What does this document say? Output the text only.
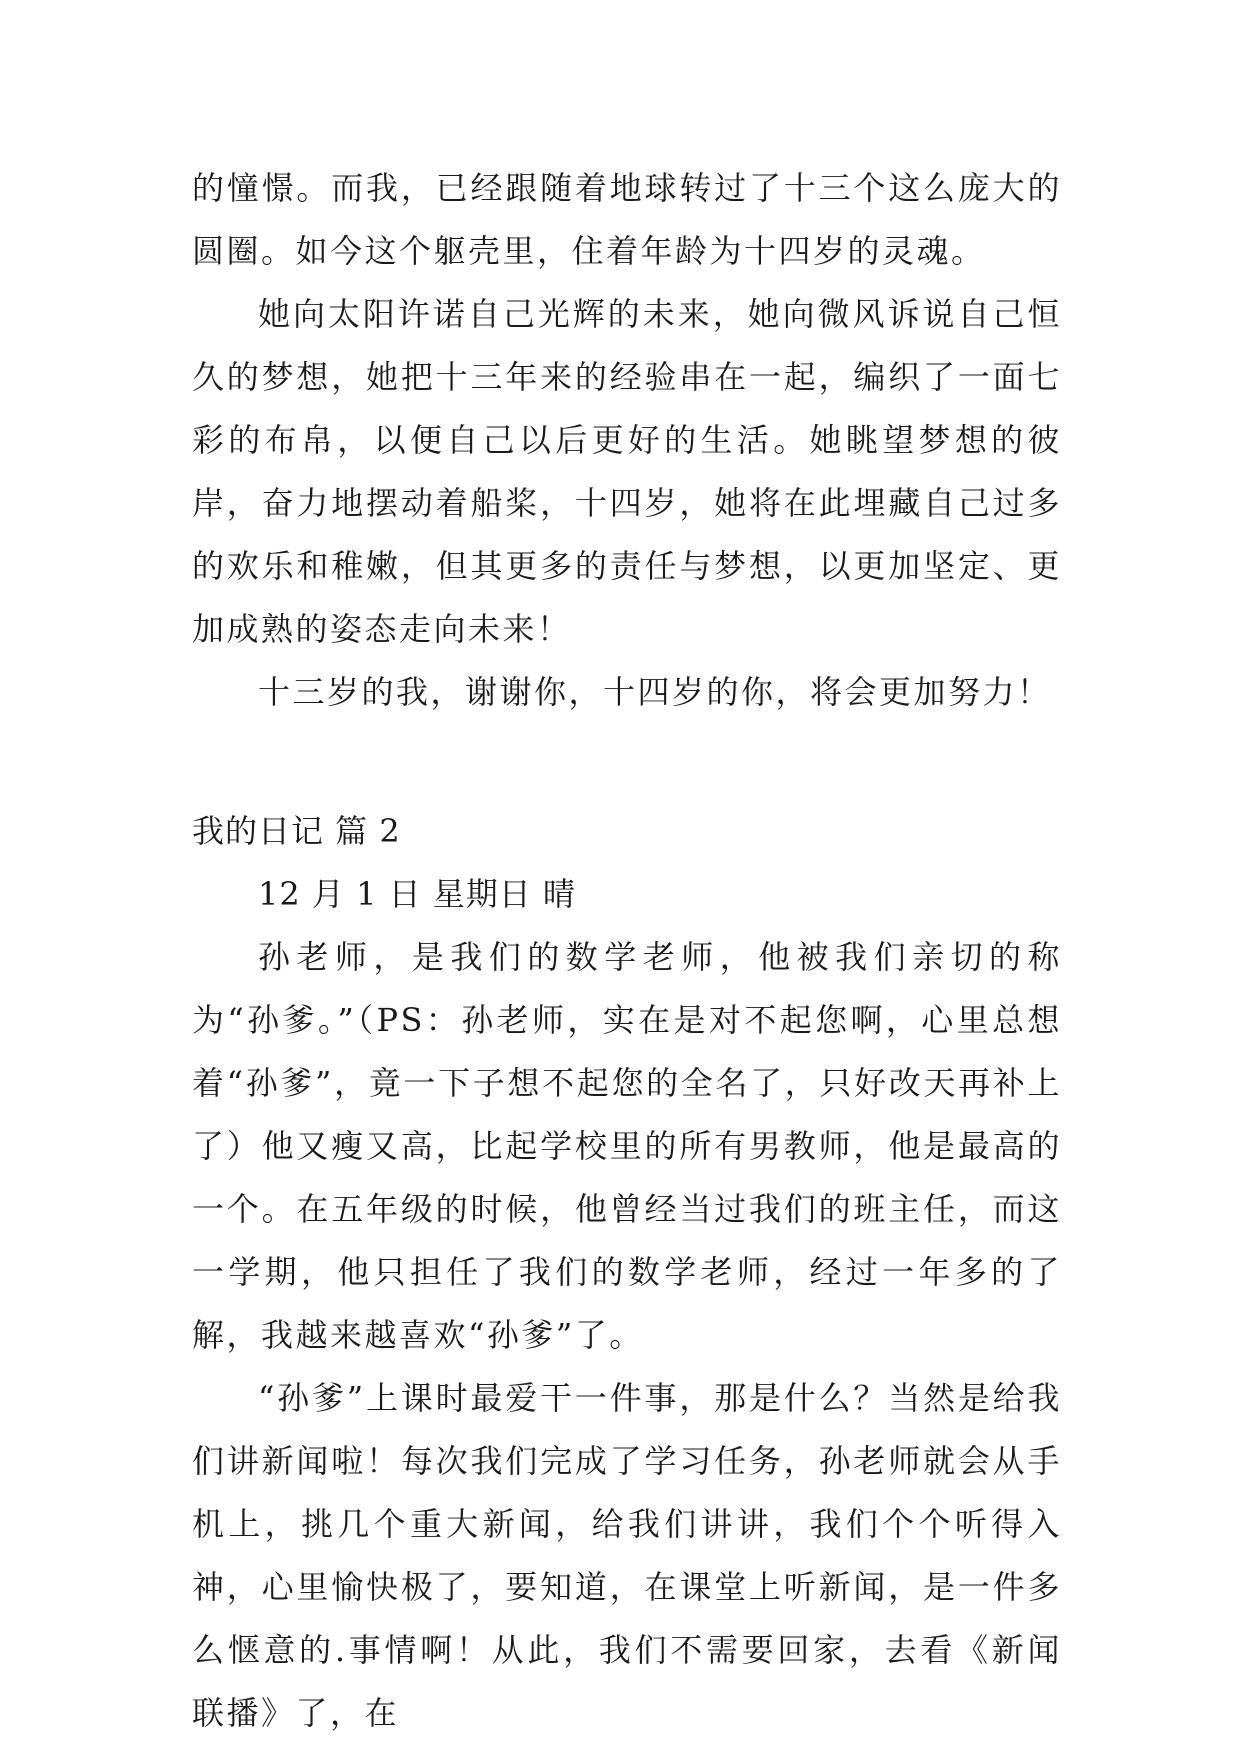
的憧憬。而我，已经跟随着地球转过了十三个这么庞大的圆圈。如今这个躯壳里，住着年龄为十四岁的灵魂。

她向太阳许诺自己光辉的未来，她向微风诉说自己恒久的梦想，她把十三年来的经验串在一起，编织了一面七彩的布帛，以便自己以后更好的生活。她眺望梦想的彼岸，奋力地摆动着船桨，十四岁，她将在此埋藏自己过多的欢乐和稚嫩，但其更多的责任与梦想，以更加坚定、更加成熟的姿态走向未来！

十三岁的我，谢谢你，十四岁的你，将会更加努力！

我的日记 篇 2

12 月 1 日 星期日 晴

孙老师，是我们的数学老师，他被我们亲切的称为“孙爹。”（PS：孙老师，实在是对不起您啊，心里总想着“孙爹”，竟一下子想不起您的全名了，只好改天再补上了）他又瘦又高，比起学校里的所有男教师，他是最高的一个。在五年级的时候，他曾经当过我们的班主任，而这一学期，他只担任了我们的数学老师，经过一年多的了解，我越来越喜欢“孙爹”了。

“孙爹”上课时最爱干一件事，那是什么？当然是给我们讲新闻啦！每次我们完成了学习任务，孙老师就会从手机上，挑几个重大新闻，给我们讲讲，我们个个听得入神，心里愉快极了，要知道，在课堂上听新闻，是一件多么惬意的.事情啊！从此，我们不需要回家，去看《新闻联播》了，在
